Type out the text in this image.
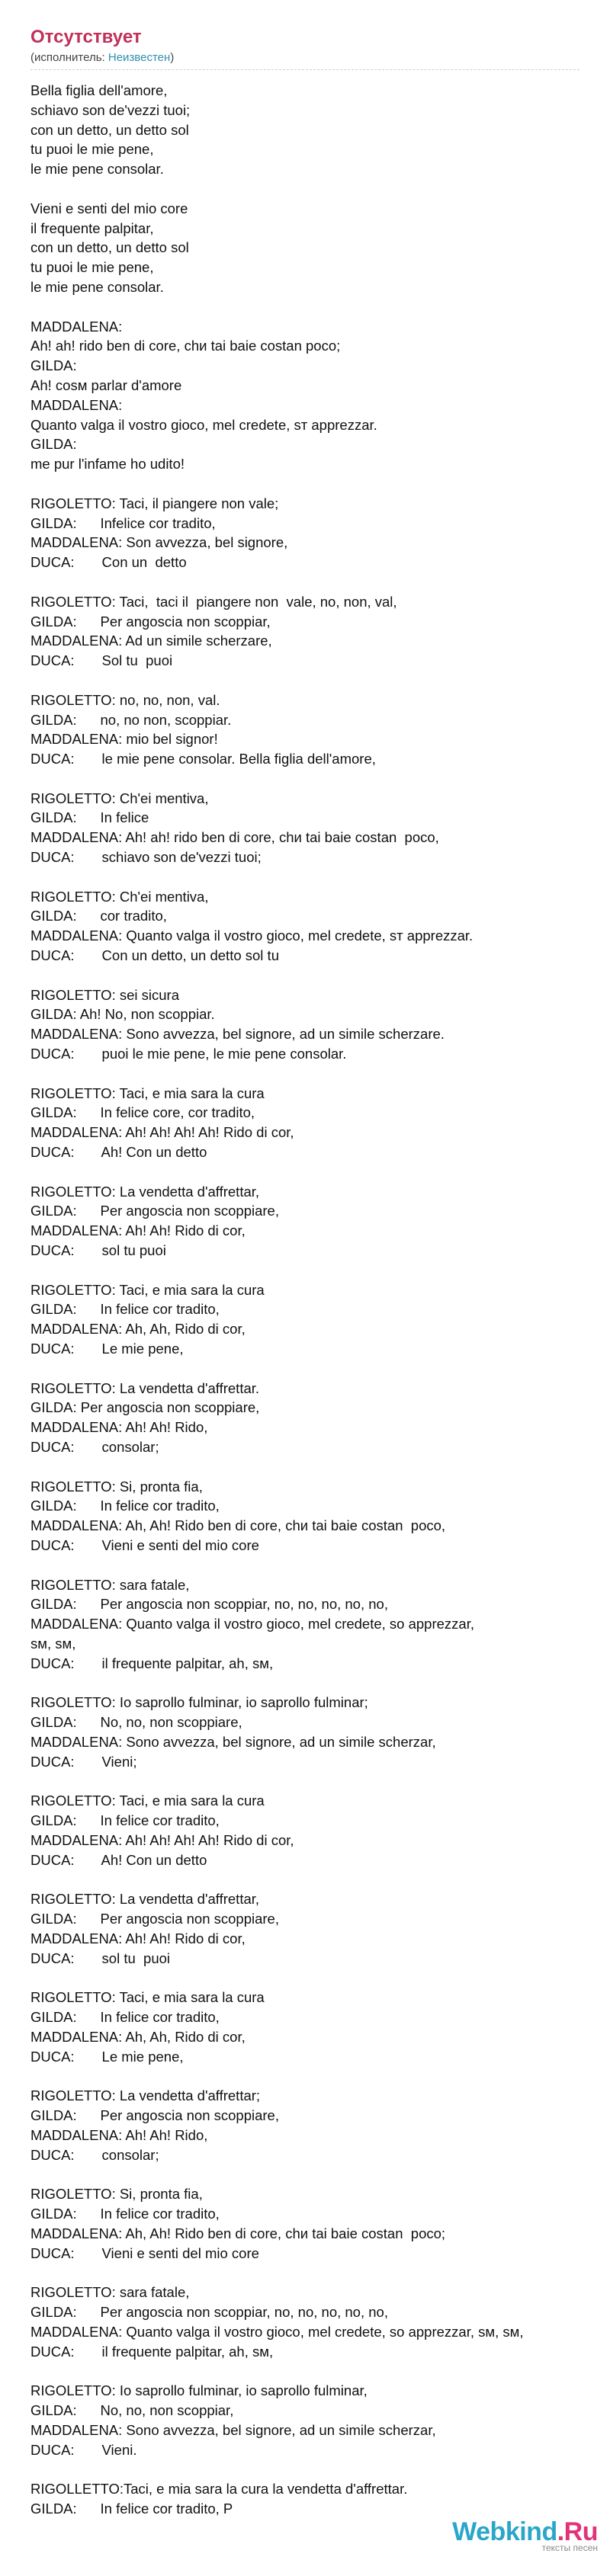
Отсутствует
(исполнитель: Неизвестен)
Bella figlia dell'amore,
schiavo son de'vezzi tuoi;
con un detto, un detto sol
tu puoi le mie pene,
le mie pene consolar.
Vieni e senti del mio core
il frequente palpitar,
con un detto, un detto sol
tu puoi le mie pene,
le mie pene consolar.
MADDALENA:
Ah! ah! rido ben di core, chи tai baie costan poco;
GILDA:
Ah! cosм parlar d'amore
MADDALENA:
Quanto valga il vostro gioco, mel credete, sт apprezzar.
GILDA:
me pur l'infame ho udito!
RIGOLETTO: Taci, il piangere non vale;
GILDA:      Infelice cor tradito,
MADDALENA: Son avvezza, bel signore,
DUCA:       Con un  detto
RIGOLETTO: Taci,  taci il  piangere non  vale, no, non, val,
GILDA:      Per angoscia non scoppiar,
MADDALENA: Ad un simile scherzare,
DUCA:       Sol tu  puoi
RIGOLETTO: no, no, non, val.
GILDA:      no, no non, scoppiar.
MADDALENA: mio bel signor!
DUCA:       le mie pene consolar. Bella figlia dell'amore,
RIGOLETTO: Ch'ei mentiva,
GILDA:      In felice
MADDALENA: Ah! ah! rido ben di core, chи tai baie costan  poco,
DUCA:       schiavo son de'vezzi tuoi;
RIGOLETTO: Ch'ei mentiva,
GILDA:      cor tradito,
MADDALENA: Quanto valga il vostro gioco, mel credete, sт apprezzar.
DUCA:       Con un detto, un detto sol tu
RIGOLETTO: sei sicura
GILDA: Ah! No, non scoppiar.
MADDALENA: Sono avvezza, bel signore, ad un simile scherzare.
DUCA:       puoi le mie pene, le mie pene consolar.
RIGOLETTO: Taci, e mia sara la cura
GILDA:      In felice core, cor tradito,
MADDALENA: Ah! Ah! Ah! Ah! Rido di cor,
DUCA:       Ah! Con un detto
RIGOLETTO: La vendetta d'affrettar,
GILDA:      Per angoscia non scoppiare,
MADDALENA: Ah! Ah! Rido di cor,
DUCA:       sol tu puoi
RIGOLETTO: Taci, e mia sara la cura
GILDA:      In felice cor tradito,
MADDALENA: Ah, Ah, Rido di cor,
DUCA:       Le mie pene,
RIGOLETTO: La vendetta d'affrettar.
GILDA: Per angoscia non scoppiare,
MADDALENA: Ah! Ah! Rido,
DUCA:       consolar;
RIGOLETTO: Si, pronta fia,
GILDA:      In felice cor tradito,
MADDALENA: Ah, Ah! Rido ben di core, chи tai baie costan  poco,
DUCA:       Vieni e senti del mio core
RIGOLETTO: sara fatale,
GILDA:      Per angoscia non scoppiar, no, no, no, no, no,
MADDALENA: Quanto valga il vostro gioco, mel credete, so apprezzar,
sм, sм,
DUCA:       il frequente palpitar, ah, sм,
RIGOLETTO: Io saprollo fulminar, io saprollo fulminar;
GILDA:      No, no, non scoppiare,
MADDALENA: Sono avvezza, bel signore, ad un simile scherzar,
DUCA:       Vieni;
RIGOLETTO: Taci, e mia sara la cura
GILDA:      In felice cor tradito,
MADDALENA: Ah! Ah! Ah! Ah! Rido di cor,
DUCA:       Ah! Con un detto
RIGOLETTO: La vendetta d'affrettar,
GILDA:      Per angoscia non scoppiare,
MADDALENA: Ah! Ah! Rido di cor,
DUCA:       sol tu  puoi
RIGOLETTO: Taci, e mia sara la cura
GILDA:      In felice cor tradito,
MADDALENA: Ah, Ah, Rido di cor,
DUCA:       Le mie pene,
RIGOLETTO: La vendetta d'affrettar;
GILDA:      Per angoscia non scoppiare,
MADDALENA: Ah! Ah! Rido,
DUCA:       consolar;
RIGOLETTO: Si, pronta fia,
GILDA:      In felice cor tradito,
MADDALENA: Ah, Ah! Rido ben di core, chи tai baie costan  poco;
DUCA:       Vieni e senti del mio core
RIGOLETTO: sara fatale,
GILDA:      Per angoscia non scoppiar, no, no, no, no, no,
MADDALENA: Quanto valga il vostro gioco, mel credete, so apprezzar, sм, sм,
DUCA:       il frequente palpitar, ah, sм,
RIGOLETTO: Io saprollo fulminar, io saprollo fulminar,
GILDA:      No, no, non scoppiar,
MADDALENA: Sono avvezza, bel signore, ad un simile scherzar,
DUCA:       Vieni.
RIGOLLETTO:Taci, e mia sara la cura la vendetta d'affrettar.
GILDA:      In felice cor tradito, P
Webkind.Ru
тексты песен
